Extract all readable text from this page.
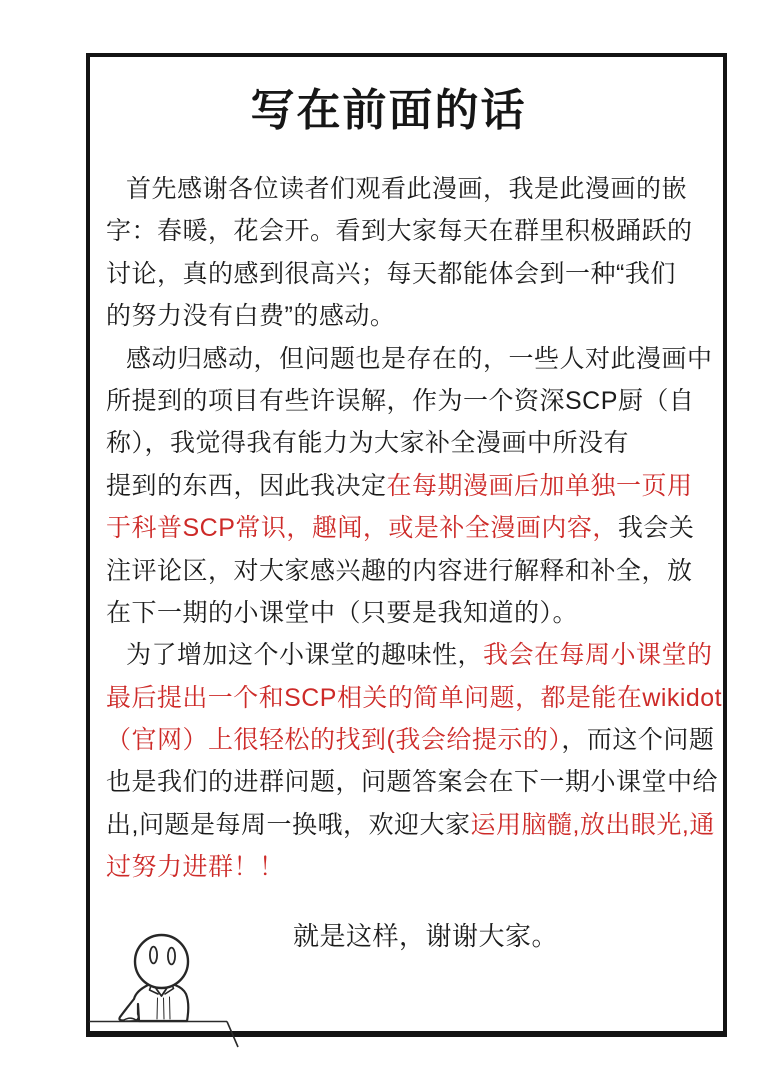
写在前面的话
首先感谢各位读者们观看此漫画，我是此漫画的嵌
字：春暖，花会开。看到大家每天在群里积极踊跃的
讨论，真的感到很高兴；每天都能体会到一种“我们
的努力没有白费”的感动。
感动归感动，但问题也是存在的，一些人对此漫画中
所提到的项目有些许误解，作为一个资深SCP厨（自
称），我觉得我有能力为大家补全漫画中所没有
提到的东西，因此我决定在每期漫画后加单独一页用
于科普SCP常识，趣闻，或是补全漫画内容，我会关
注评论区，对大家感兴趣的内容进行解释和补全，放
在下一期的小课堂中（只要是我知道的）。
为了增加这个小课堂的趣味性，我会在每周小课堂的
最后提出一个和SCP相关的简单问题，都是能在wikidot
（官网）上很轻松的找到(我会给提示的），而这个问题
也是我们的进群问题，问题答案会在下一期小课堂中给
出,问题是每周一换哦，欢迎大家运用脑髓,放出眼光,通
过努力进群！！
就是这样，谢谢大家。
